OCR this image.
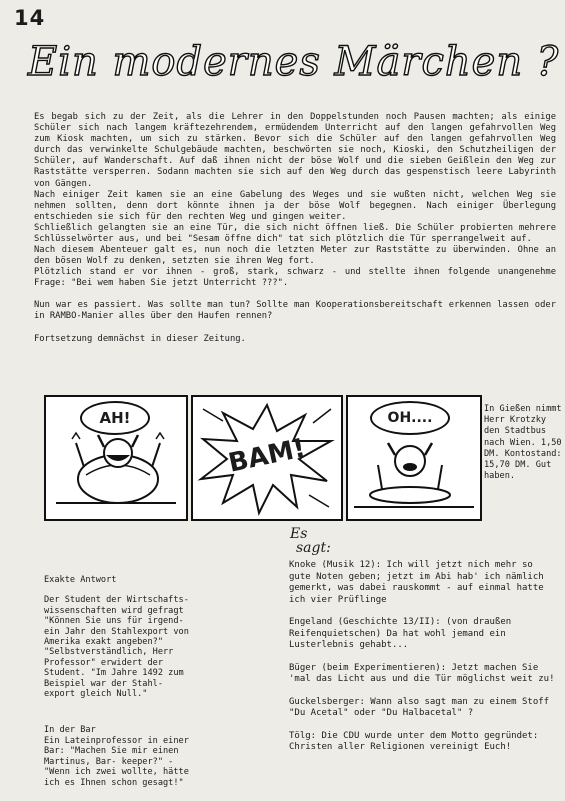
14
Ein modernes Märchen ?

Es begab sich zu der Zeit, als die Lehrer in den Doppelstunden noch Pausen machten; als einige Schüler sich nach langem kräftezehrendem, ermüdendem Unterricht auf den langen gefahrvollen Weg zum Kiosk machten, um sich zu stärken. Bevor sich die Schüler auf den langen gefahrvollen Weg durch das verwinkelte Schulgebäude machten, beschwörten sie noch, Kioski, den Schutzheiligen der Schüler, auf Wanderschaft. Auf daß ihnen nicht der böse Wolf und die sieben Geißlein den Weg zur Raststätte versperren. Sodann machten sie sich auf den Weg durch das gespenstisch leere Labyrinth von Gängen.

Nach einiger Zeit kamen sie an eine Gabelung des Weges und sie wußten nicht, welchen Weg sie nehmen sollten, denn dort könnte ihnen ja der böse Wolf begegnen. Nach einiger Überlegung entschieden sie sich für den rechten Weg und gingen weiter.

Schließlich gelangten sie an eine Tür, die sich nicht öffnen ließ. Die Schüler probierten mehrere Schlüsselwörter aus, und bei "Sesam öffne dich" tat sich plötzlich die Tür sperrangelweit auf.

Nach diesem Abenteuer galt es, nun noch die letzten Meter zur Raststätte zu überwinden. Ohne an den bösen Wolf zu denken, setzten sie ihren Weg fort.

Plötzlich stand er vor ihnen - groß, stark, schwarz - und stellte ihnen folgende unangenehme Frage: "Bei wem haben Sie jetzt Unterricht ???".

Nun war es passiert. Was sollte man tun? Sollte man Kooperationsbereitschaft erkennen lassen oder in RAMBO-Manier alles über den Haufen rennen?

Fortsetzung demnächst in dieser Zeitung.

AH!
BAM!
OH....
In Gießen nimmt Herr Krotzky den Stadtbus nach Wien. 1,50 DM. Kontostand: 15,70 DM. Gut haben.
Es
sagt:
Exakte Antwort

Der Student der Wirtschafts- wissenschaften wird gefragt "Können Sie uns für irgend- ein Jahr den Stahlexport von Amerika exakt angeben?" "Selbstverständlich, Herr Professor" erwidert der Student. "Im Jahre 1492 zum Beispiel war der Stahl- export gleich Null."

In der Bar

Ein Lateinprofessor in einer Bar: "Machen Sie mir einen Martinus, Bar- keeper?" - "Wenn ich zwei wollte, hätte ich es Ihnen schon gesagt!"

Knoke (Musik 12): Ich will jetzt nich mehr so gute Noten geben; jetzt im Abi hab' ich nämlich gemerkt, was dabei rauskommt - auf einmal hatte ich vier Prüflinge

Engeland (Geschichte 13/II): (von draußen Reifenquietschen) Da hat wohl jemand ein Lusterlebnis gehabt...

Büger (beim Experimentieren): Jetzt machen Sie 'mal das Licht aus und die Tür möglichst weit zu!

Guckelsberger: Wann also sagt man zu einem Stoff "Du Acetal" oder "Du Halbacetal" ?

Tölg: Die CDU wurde unter dem Motto gegründet: Christen aller Religionen vereinigt Euch!
